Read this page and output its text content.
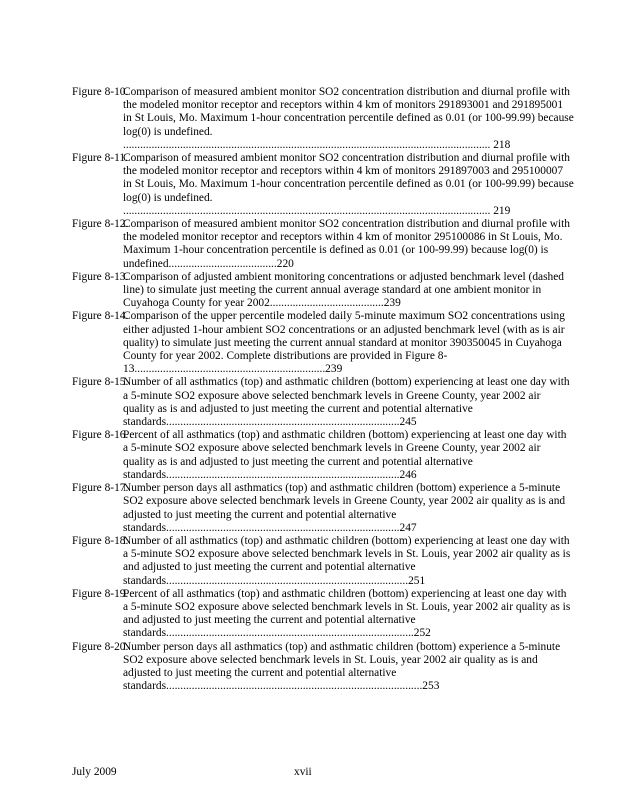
Figure 8-10.
Comparison of measured ambient monitor SO2 concentration distribution and diurnal profile with the modeled monitor receptor and receptors within 4 km of monitors 291893001 and 291895001 in St Louis, Mo. Maximum 1-hour concentration percentile defined as 0.01 (or 100-99.99) because log(0) is undefined. ................................................................................................................................. 218
Figure 8-11.
Comparison of measured ambient monitor SO2 concentration distribution and diurnal profile with the modeled monitor receptor and receptors within 4 km of monitors 291897003 and 295100007 in St Louis, Mo. Maximum 1-hour concentration percentile defined as 0.01 (or 100-99.99) because log(0) is undefined. ................................................................................................................................. 219
Figure 8-12.
Comparison of measured ambient monitor SO2 concentration distribution and diurnal profile with the modeled monitor receptor and receptors within 4 km of monitor 295100086 in St Louis, Mo. Maximum 1-hour concentration percentile is defined as 0.01 (or 100-99.99) because log(0) is undefined......................................220
Figure 8-13.
Comparison of adjusted ambient monitoring concentrations or adjusted benchmark level (dashed line) to simulate just meeting the current annual average standard at one ambient monitor in Cuyahoga County for year 2002........................................239
Figure 8-14.
Comparison of the upper percentile modeled daily 5-minute maximum SO2 concentrations using either adjusted 1-hour ambient SO2 concentrations or an adjusted benchmark level (with as is air quality) to simulate just meeting the current annual standard at monitor 390350045 in Cuyahoga County for year 2002. Complete distributions are provided in Figure 8-13...................................................................239
Figure 8-15.
Number of all asthmatics (top) and asthmatic children (bottom) experiencing at least one day with a 5-minute SO2 exposure above selected benchmark levels in Greene County, year 2002 air quality as is and adjusted to just meeting the current and potential alternative standards..................................................................................245
Figure 8-16.
Percent of all asthmatics (top) and asthmatic children (bottom) experiencing at least one day with a 5-minute SO2 exposure above selected benchmark levels in Greene County, year 2002 air quality as is and adjusted to just meeting the current and potential alternative standards..................................................................................246
Figure 8-17.
Number person days all asthmatics (top) and asthmatic children (bottom) experience a 5-minute SO2 exposure above selected benchmark levels in Greene County, year 2002 air quality as is and adjusted to just meeting the current and potential alternative standards..................................................................................247
Figure 8-18.
Number of all asthmatics (top) and asthmatic children (bottom) experiencing at least one day with a 5-minute SO2 exposure above selected benchmark levels in St. Louis, year 2002 air quality as is and adjusted to just meeting the current and potential alternative standards.....................................................................................251
Figure 8-19.
Percent of all asthmatics (top) and asthmatic children (bottom) experiencing at least one day with a 5-minute SO2 exposure above selected benchmark levels in St. Louis, year 2002 air quality as is and adjusted to just meeting the current and potential alternative standards.......................................................................................252
Figure 8-20.
Number person days all asthmatics (top) and asthmatic children (bottom) experience a 5-minute SO2 exposure above selected benchmark levels in St. Louis, year 2002 air quality as is and adjusted to just meeting the current and potential alternative standards..........................................................................................253
July 2009	xvii
